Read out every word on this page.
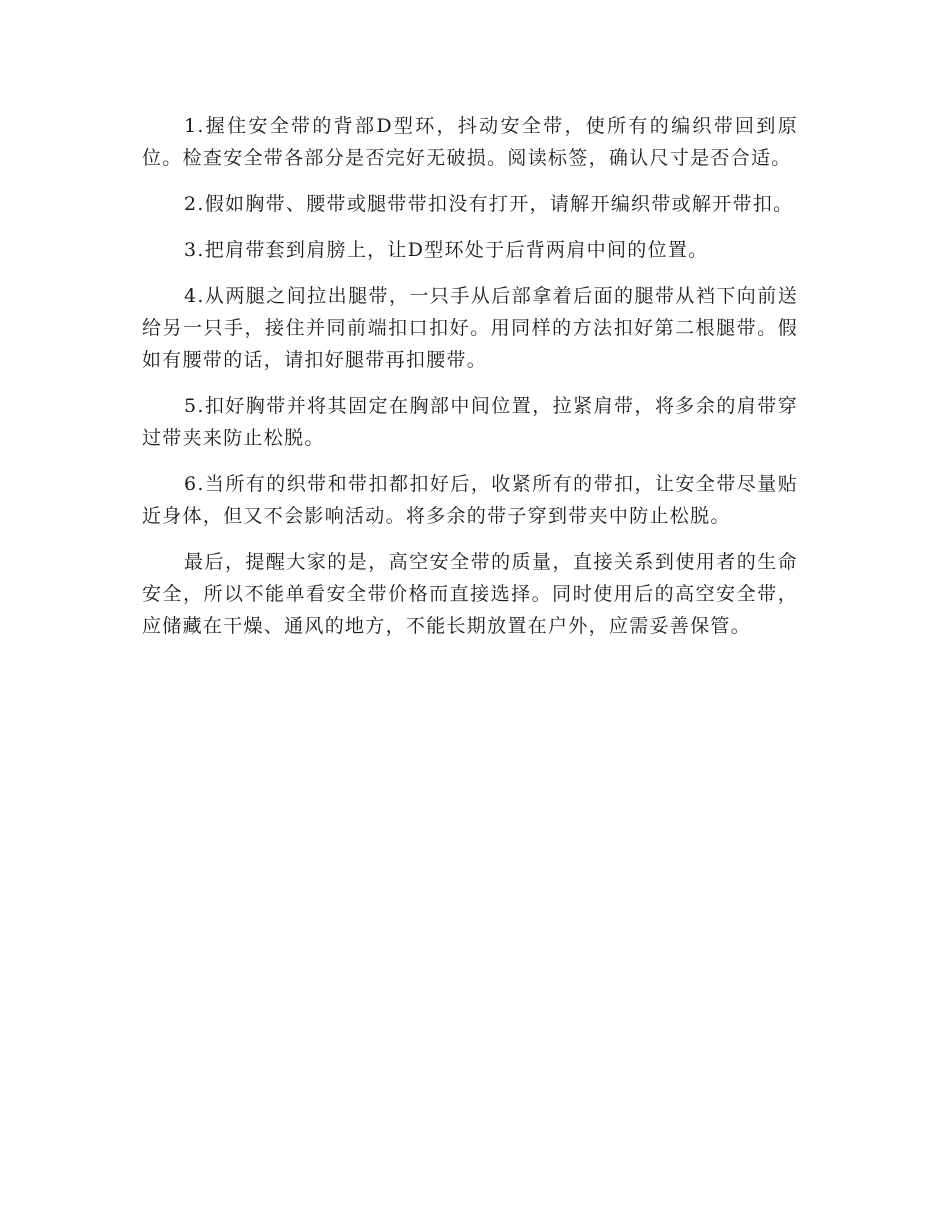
1.握住安全带的背部D型环，抖动安全带，使所有的编织带回到原位。检查安全带各部分是否完好无破损。阅读标签，确认尺寸是否合适。

2.假如胸带、腰带或腿带带扣没有打开，请解开编织带或解开带扣。

3.把肩带套到肩膀上，让D型环处于后背两肩中间的位置。

4.从两腿之间拉出腿带，一只手从后部拿着后面的腿带从裆下向前送给另一只手，接住并同前端扣口扣好。用同样的方法扣好第二根腿带。假如有腰带的话，请扣好腿带再扣腰带。

5.扣好胸带并将其固定在胸部中间位置，拉紧肩带，将多余的肩带穿过带夹来防止松脱。

6.当所有的织带和带扣都扣好后，收紧所有的带扣，让安全带尽量贴近身体，但又不会影响活动。将多余的带子穿到带夹中防止松脱。

最后，提醒大家的是，高空安全带的质量，直接关系到使用者的生命安全，所以不能单看安全带价格而直接选择。同时使用后的高空安全带，应储藏在干燥、通风的地方，不能长期放置在户外，应需妥善保管。
